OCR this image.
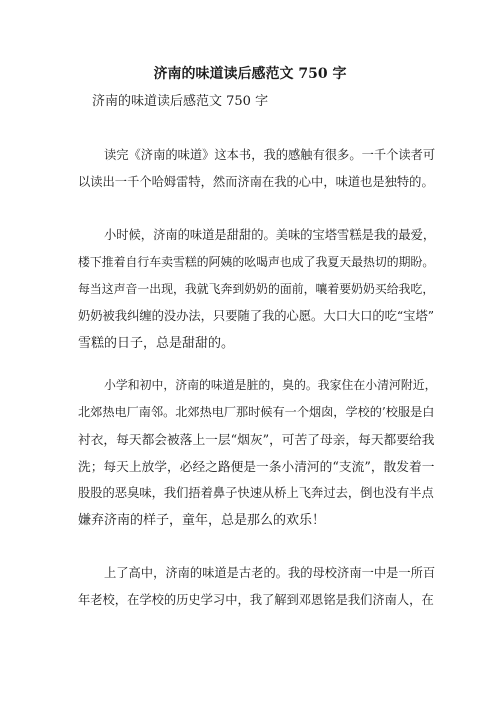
济南的味道读后感范文 750 字
济南的味道读后感范文 750 字
读完《济南的味道》这本书，我的感触有很多。一千个读者可
以读出一千个哈姆雷特，然而济南在我的心中，味道也是独特的。
小时候，济南的味道是甜甜的。美味的宝塔雪糕是我的最爱，
楼下推着自行车卖雪糕的阿姨的吆喝声也成了我夏天最热切的期盼。
每当这声音一出现，我就飞奔到奶奶的面前，嚷着要奶奶买给我吃，
奶奶被我纠缠的没办法，只要随了我的心愿。大口大口的吃“宝塔”
雪糕的日子，总是甜甜的。
小学和初中，济南的味道是脏的，臭的。我家住在小清河附近，
北郊热电厂南邻。北郊热电厂那时候有一个烟囱，学校的’校服是白
衬衣，每天都会被落上一层“烟灰”，可苦了母亲，每天都要给我
洗；每天上放学，必经之路便是一条小清河的“支流”，散发着一
股股的恶臭味，我们捂着鼻子快速从桥上飞奔过去，倒也没有半点
嫌弃济南的样子，童年，总是那么的欢乐！
上了高中，济南的味道是古老的。我的母校济南一中是一所百
年老校，在学校的历史学习中，我了解到邓恩铭是我们济南人，在
